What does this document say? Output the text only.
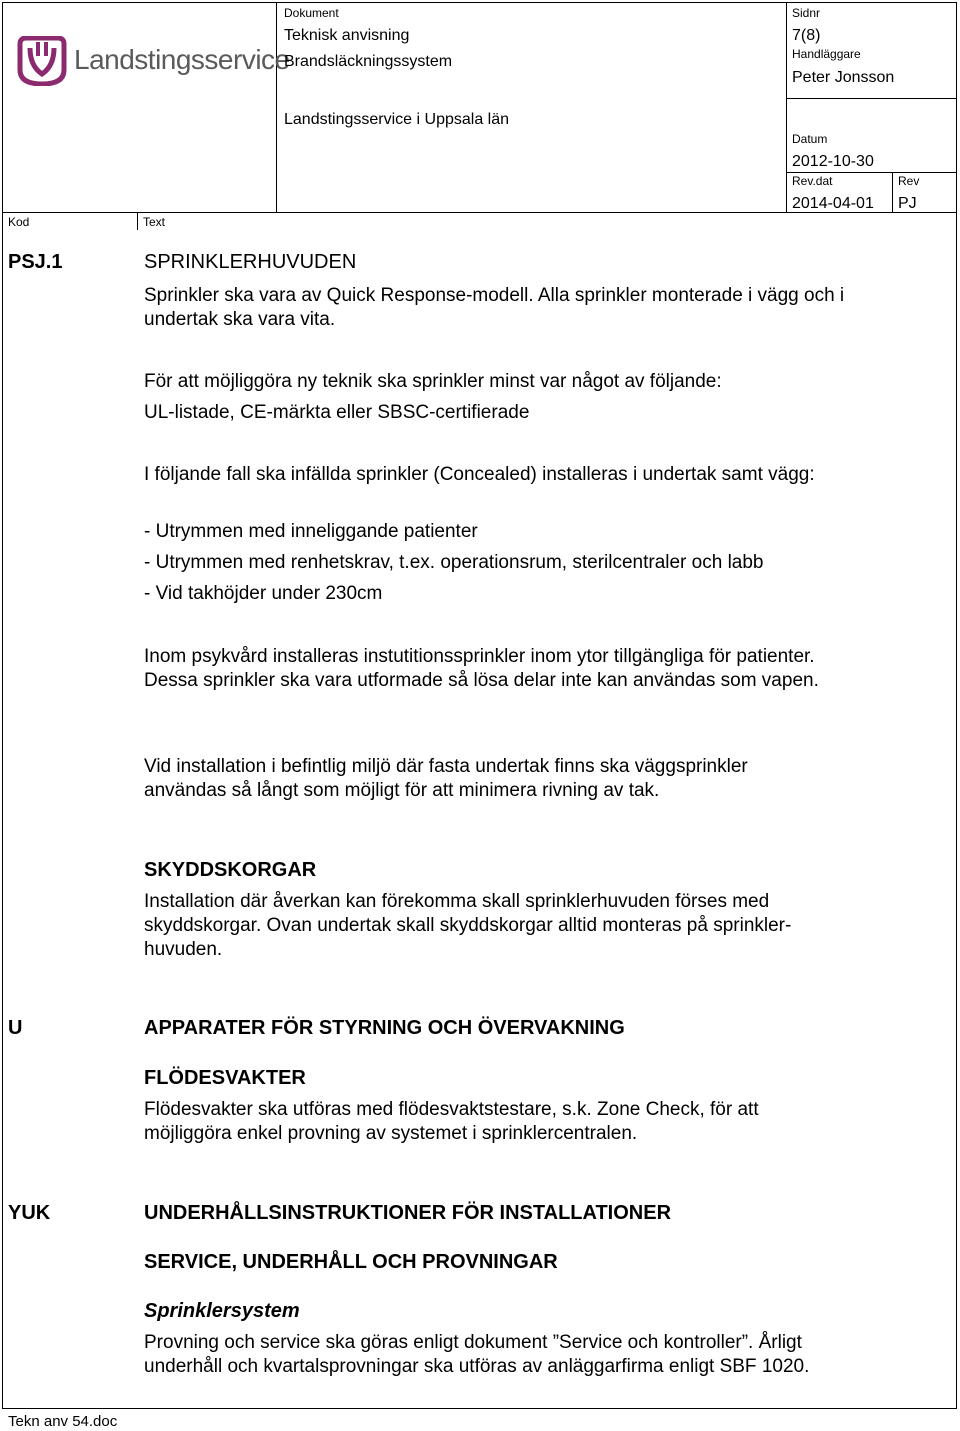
Landstingsservice
Dokument
Teknisk anvisning
Brandsläckningssystem
Landstingsservice i Uppsala län
Sidnr
7(8)
Handläggare
Peter Jonsson
Datum
2012-10-30
Rev.dat
2014-04-01
Rev
PJ
Kod	Text
PSJ.1	SPRINKLERHUVUDEN
Sprinkler ska vara av Quick Response-modell. Alla sprinkler monterade i vägg och i undertak ska vara vita.
För att möjliggöra ny teknik ska sprinkler minst var något av följande:
UL-listade, CE-märkta eller SBSC-certifierade
I följande fall ska infällda sprinkler (Concealed) installeras i undertak samt vägg:
- Utrymmen med inneliggande patienter
- Utrymmen med renhetskrav, t.ex. operationsrum, sterilcentraler och labb
- Vid takhöjder under 230cm
Inom psykvård installeras instutitionssprinkler inom ytor tillgängliga för patienter. Dessa sprinkler ska vara utformade så lösa delar inte kan användas som vapen.
Vid installation i befintlig miljö där fasta undertak finns ska väggsprinkler användas så långt som möjligt för att minimera rivning av tak.
SKYDDSKORGAR
Installation där åverkan kan förekomma skall sprinklerhuvuden förses med skyddskorgar. Ovan undertak skall skyddskorgar alltid monteras på sprinkler-huvuden.
U	APPARATER FÖR STYRNING OCH ÖVERVAKNING
FLÖDESVAKTER
Flödesvakter ska utföras med flödesvaktstestare, s.k. Zone Check, för att möjliggöra enkel provning av systemet i sprinklercentralen.
YUK	UNDERHÅLLSINSTRUKTIONER FÖR INSTALLATIONER
SERVICE, UNDERHÅLL OCH PROVNINGAR
Sprinklersystem
Provning och service ska göras enligt dokument ”Service och kontroller”. Årligt underhåll och kvartalsprovningar ska utföras av anläggarfirma enligt SBF 1020.
Tekn anv 54.doc
